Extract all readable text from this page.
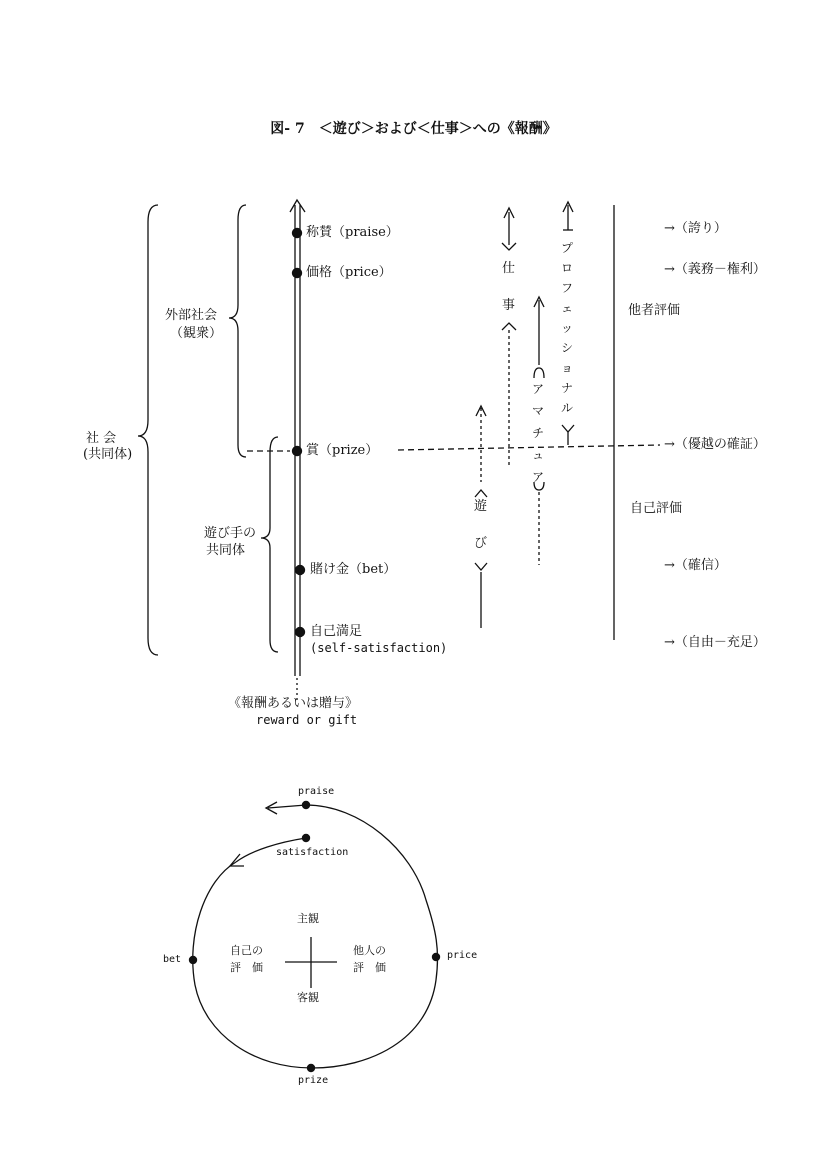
図- 7　＜遊び＞および＜仕事＞への《報酬》
称賛（praise）
価格（price）
賞（prize）
賭け金（bet）
自己満足
(self-satisfaction)
外部社会
（観衆）
社 会
(共同体)
遊び手の
共同体
仕
事
遊
び
ア
マ
チ
ュ
ア
プ
ロ
フ
ェ
ッ
シ
ョ
ナ
ル
他者評価
自己評価
→（誇り）
→（義務－権利）
→（優越の確証）
→（確信）
→（自由－充足）
《報酬あるいは贈与》
reward or gift
praise
satisfaction
price
bet
prize
主観
客観
自己の
評　価
他人の
評　価
